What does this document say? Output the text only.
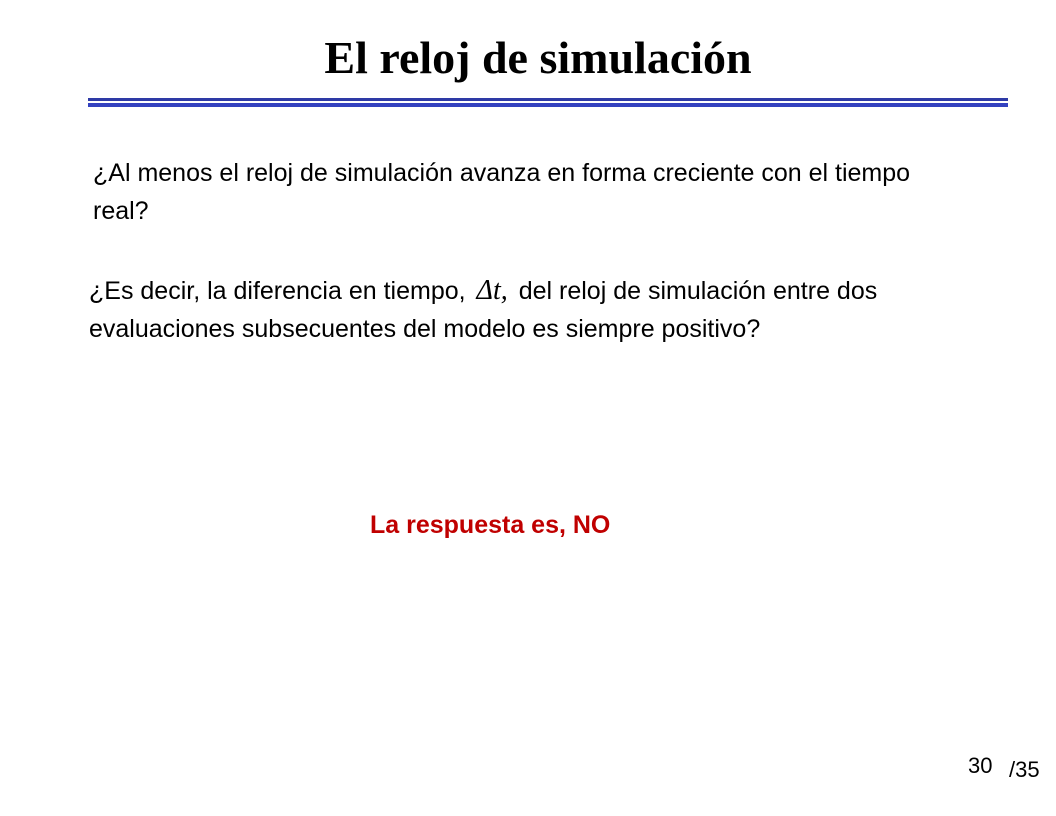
El reloj de simulación

¿Al menos el reloj de simulación avanza en forma creciente con el tiempo real?

¿Es decir, la diferencia en tiempo, Δt, del reloj de simulación entre dos evaluaciones subsecuentes del modelo es siempre positivo?

La respuesta es, NO

30 /35
